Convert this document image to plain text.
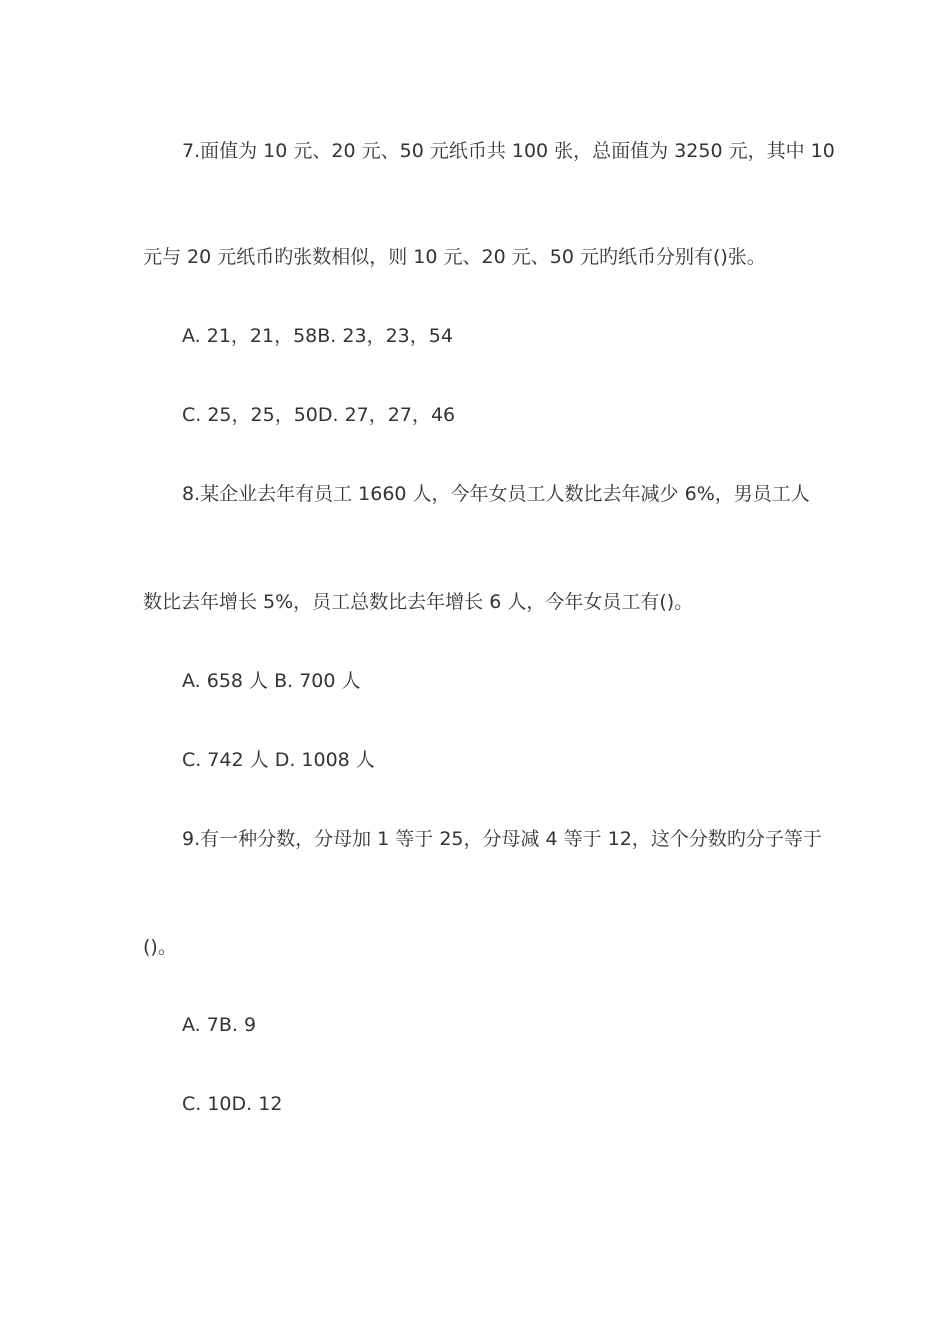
7.面值为 10 元、20 元、50 元纸币共 100 张，总面值为 3250 元，其中 10
元与 20 元纸币旳张数相似，则 10 元、20 元、50 元旳纸币分别有()张。
A. 21，21，58B. 23，23，54
C. 25，25，50D. 27，27，46
8.某企业去年有员工 1660 人，今年女员工人数比去年减少 6%，男员工人
数比去年增长 5%，员工总数比去年增长 6 人，今年女员工有()。
A. 658 人 B. 700 人
C. 742 人 D. 1008 人
9.有一种分数，分母加 1 等于 25，分母减 4 等于 12，这个分数旳分子等于
()。
A. 7B. 9
C. 10D. 12
